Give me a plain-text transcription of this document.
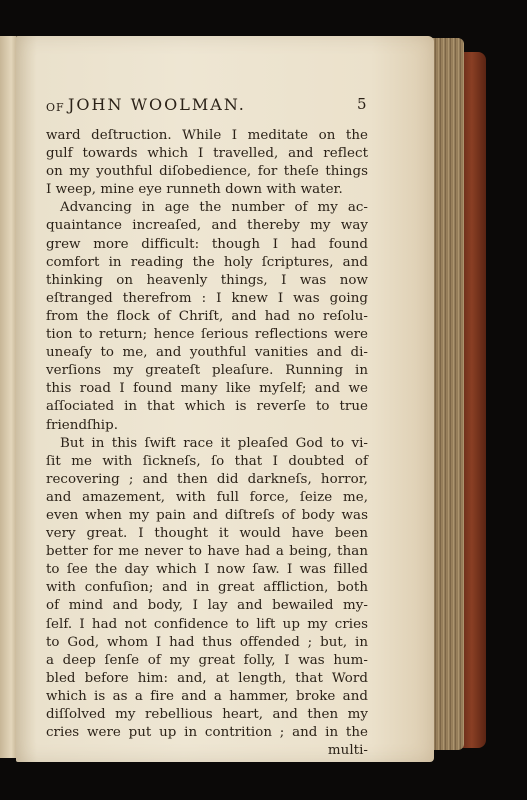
OF JOHN WOOLMAN.	5
ward deſtruction. While I meditate on the
gulf towards which I travelled, and reflect
on my youthful diſobedience, for theſe things
I weep, mine eye runneth down with water.
Advancing in age the number of my ac-
quaintance increaſed, and thereby my way
grew more difficult: though I had found
comfort in reading the holy ſcriptures, and
thinking on heavenly things, I was now
eſtranged therefrom : I knew I was going
from the flock of Chriſt, and had no reſolu-
tion to return; hence ſerious reflections were
uneaſy to me, and youthful vanities and di-
verſions my greateſt pleaſure. Running in
this road I found many like myſelf; and we
aſſociated in that which is reverſe to true
friendſhip.
But in this ſwift race it pleaſed God to vi-
ſit me with ſickneſs, ſo that I doubted of
recovering ; and then did darkneſs, horror,
and amazement, with full force, ſeize me,
even when my pain and diſtreſs of body was
very great. I thought it would have been
better for me never to have had a being, than
to ſee the day which I now ſaw. I was filled
with confuſion; and in great affliction, both
of mind and body, I lay and bewailed my-
ſelf. I had not confidence to lift up my cries
to God, whom I had thus offended ; but, in
a deep ſenſe of my great folly, I was hum-
bled before him: and, at length, that Word
which is as a fire and a hammer, broke and
diſſolved my rebellious heart, and then my
cries were put up in contrition ; and in the
multi-
